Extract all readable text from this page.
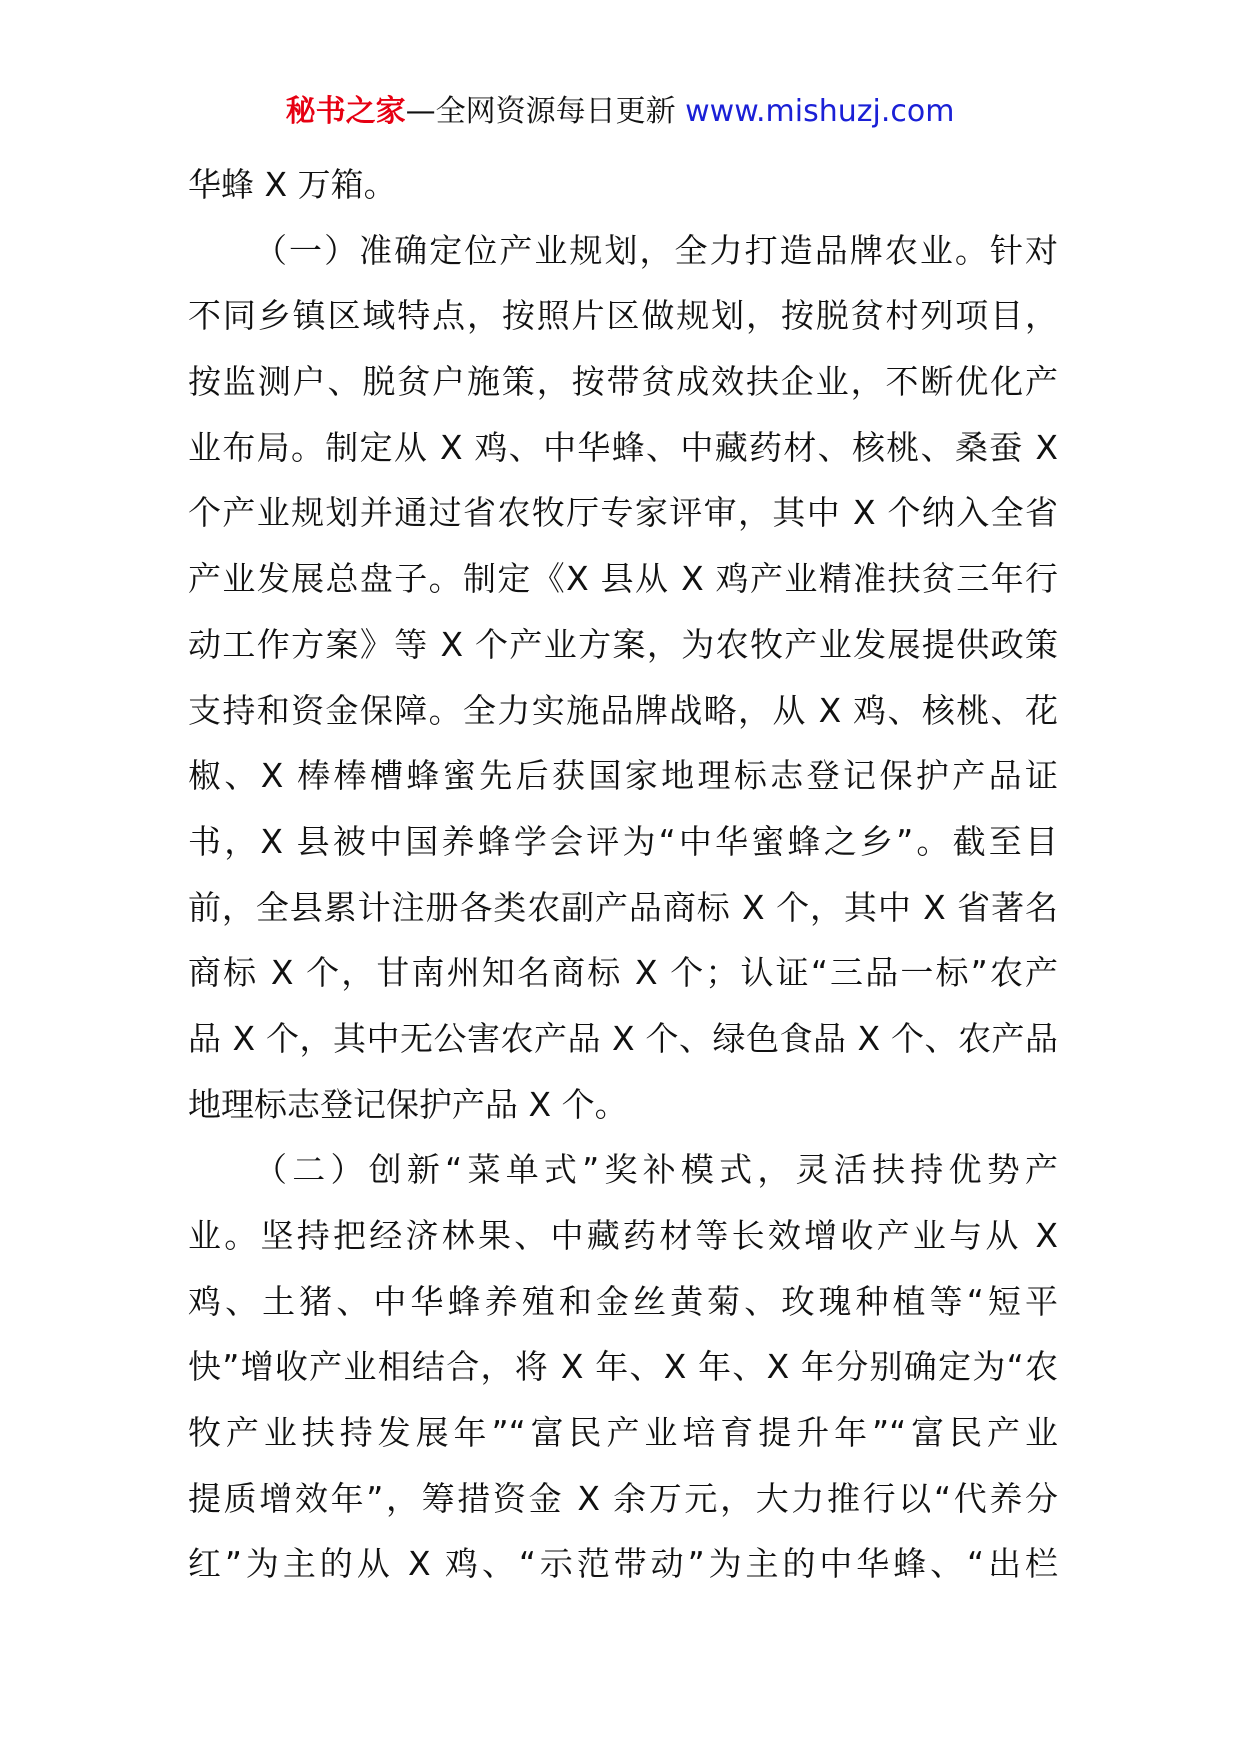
秘书之家—全网资源每日更新 www.mishuzj.com
华蜂 X 万箱。
（一）准确定位产业规划，全力打造品牌农业。针对
不同乡镇区域特点，按照片区做规划，按脱贫村列项目，
按监测户、脱贫户施策，按带贫成效扶企业，不断优化产
业布局。制定从 X 鸡、中华蜂、中藏药材、核桃、桑蚕 X
个产业规划并通过省农牧厅专家评审，其中 X 个纳入全省
产业发展总盘子。制定《X 县从 X 鸡产业精准扶贫三年行
动工作方案》等 X 个产业方案，为农牧产业发展提供政策
支持和资金保障。全力实施品牌战略，从 X 鸡、核桃、花
椒、X 棒棒槽蜂蜜先后获国家地理标志登记保护产品证
书，X 县被中国养蜂学会评为“中华蜜蜂之乡”。截至目
前，全县累计注册各类农副产品商标 X 个，其中 X 省著名
商标 X 个，甘南州知名商标 X 个；认证“三品一标”农产
品 X 个，其中无公害农产品 X 个、绿色食品 X 个、农产品
地理标志登记保护产品 X 个。
（二）创新“菜单式”奖补模式，灵活扶持优势产
业。坚持把经济林果、中藏药材等长效增收产业与从 X
鸡、土猪、中华蜂养殖和金丝黄菊、玫瑰种植等“短平
快”增收产业相结合，将 X 年、X 年、X 年分别确定为“农
牧产业扶持发展年”“富民产业培育提升年”“富民产业
提质增效年”，筹措资金 X 余万元，大力推行以“代养分
红”为主的从 X 鸡、“示范带动”为主的中华蜂、“出栏
